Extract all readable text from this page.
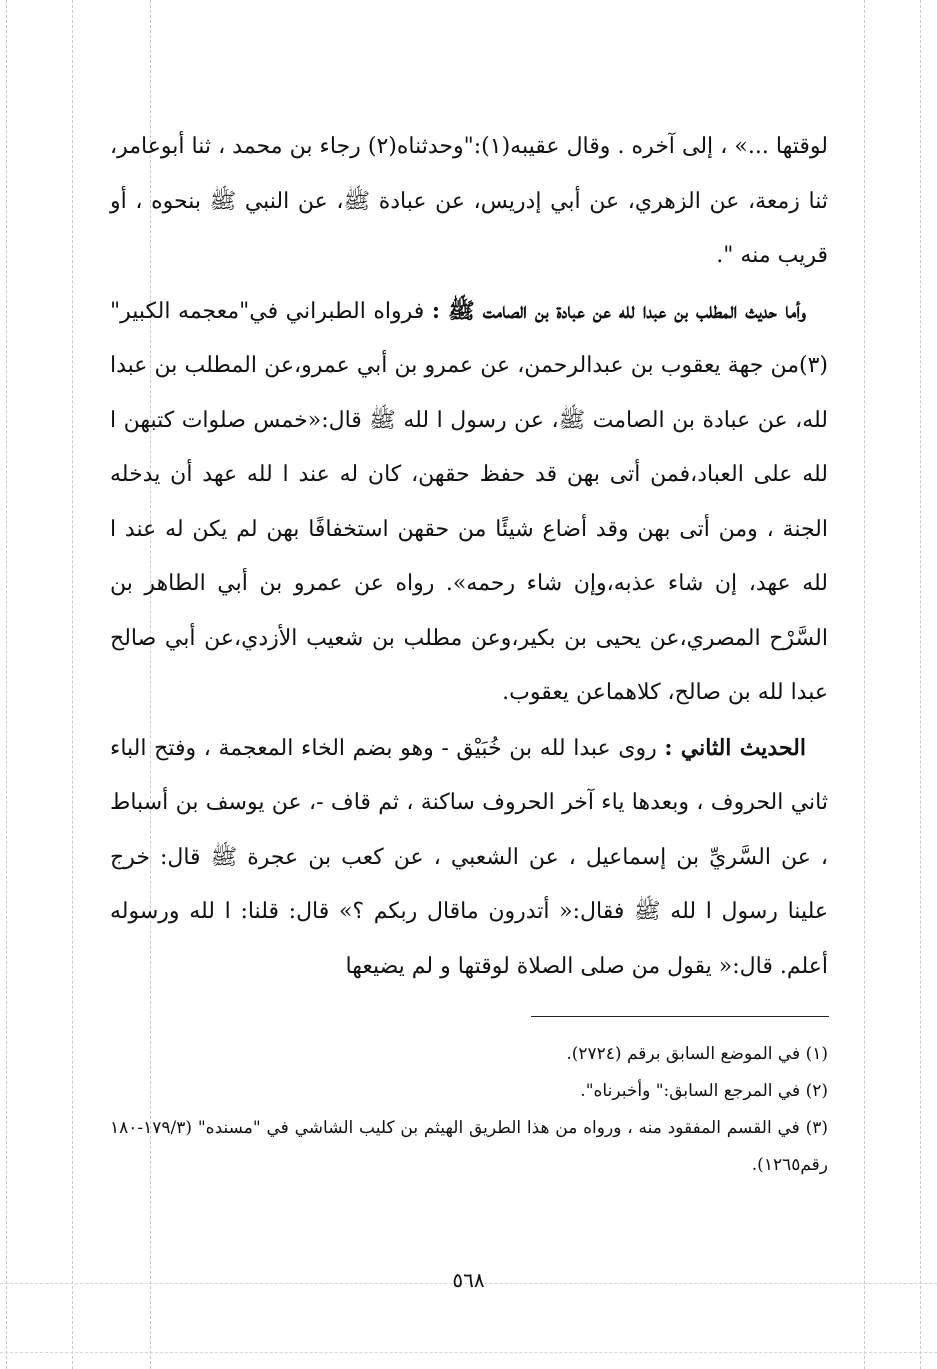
لوقتها ...» ، إلى آخره . وقال عقيبه(١):"وحدثناه(٢) رجاء بن محمد ، ثنا أبوعامر، ثنا زمعة، عن الزهري، عن أبي إدريس، عن عبادة ﷺ، عن النبي ﷺ بنحوه ، أو قريب منه ".

وأما حديث المطلب بن عبدا لله عن عبادة بن الصامت ﷺ : فرواه الطبراني في"معجمه الكبير"(٣)من جهة يعقوب بن عبدالرحمن، عن عمرو بن أبي عمرو،عن المطلب بن عبدا لله، عن عبادة بن الصامت ﷺ، عن رسول ا لله ﷺ قال:«خمس صلوات كتبهن ا لله على العباد،فمن أتى بهن قد حفظ حقهن، كان له عند ا لله عهد أن يدخله الجنة ، ومن أتى بهن وقد أضاع شيئًا من حقهن استخفافًا بهن لم يكن له عند ا لله عهد، إن شاء عذبه،وإن شاء رحمه». رواه عن عمرو بن أبي الطاهر بن السَّرْح المصري،عن يحيى بن بكير،وعن مطلب بن شعيب الأزدي،عن أبي صالح عبدا لله بن صالح، كلاهماعن يعقوب.

الحديث الثاني : روى عبدا لله بن خُبَيْق - وهو بضم الخاء المعجمة ، وفتح الباء ثاني الحروف ، وبعدها ياء آخر الحروف ساكنة ، ثم قاف -، عن يوسف بن أسباط ، عن السَّريِّ بن إسماعيل ، عن الشعبي ، عن كعب بن عجرة ﷺ قال: خرج علينا رسول ا لله ﷺ فقال:« أتدرون ماقال ربكم ؟» قال: قلنا: ا لله ورسوله أعلم. قال:« يقول من صلى الصلاة لوقتها و لم يضيعها

(١) في الموضع السابق برقم (٢٧٢٤).

(٢) في المرجع السابق:" وأخبرناه".

(٣) في القسم المفقود منه ، ورواه من هذا الطريق الهيثم بن كليب الشاشي في "مسنده" (١٧٩/٣-١٨٠ رقم١٢٦٥).

٥٦٨
